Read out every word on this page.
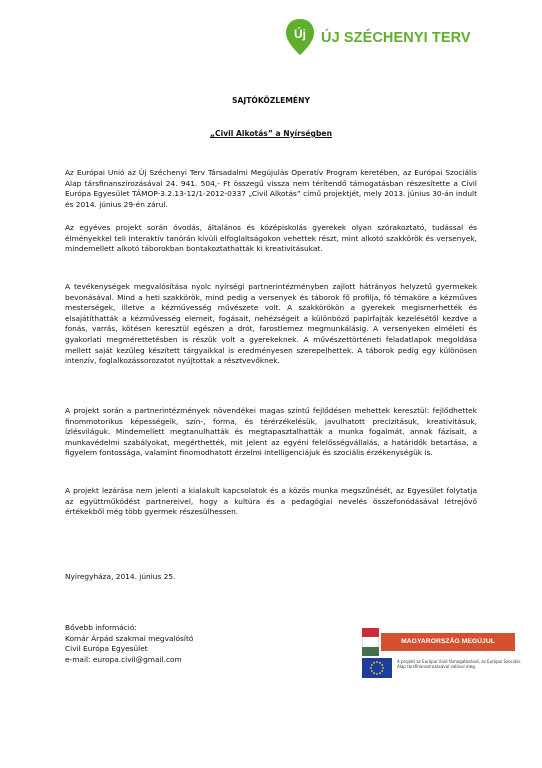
Új ÚJ SZÉCHENYI TERV
SAJTÓKÖZLEMÉNY
„Civil Alkotás” a Nyírségben

Az Európai Unió az Új Széchenyi Terv Társadalmi Megújulás Operatív Program keretében, az Európai Szociális Alap társfinanszírozásával 24. 941. 504,- Ft összegű vissza nem térítendő támogatásban részesítette a Civil Európa Egyesület TÁMOP-3.2.13-12/1-2012-0337 „Civil Alkotás” című projektjét, mely 2013. június 30-án indult és 2014. június 29-én zárul.

Az egyéves projekt során óvodás, általános és középiskolás gyerekek olyan szórakoztató, tudással és élményekkel teli interaktív tanórán kívüli elfoglaltságokon vehettek részt, mint alkotó szakkörök és versenyek, mindemellett alkotó táborokban bontakoztathatták ki kreativitásukat.

A tevékenységek megvalósítása nyolc nyírségi partnerintézményben zajlott hátrányos helyzetű gyermekek bevonásával. Mind a heti szakkörök, mind pedig a versenyek és táborok fő profilja, fő témaköre a kézműves mesterségek, illetve a kézművesség művészete volt. A szakkörökön a gyerekek megismerhették és elsajátíthatták a kézművesség elemeit, fogásait, nehézségeit a különböző papírfajták kezelésétől kezdve a fonás, varrás, kötésen keresztül egészen a drót, farostlemez megmunkálásig. A versenyeken elméleti és gyakorlati megmérettetésben is részük volt a gyerekeknek. A művészettörténeti feladatlapok megoldása mellett saját kezűleg készített tárgyaikkal is eredményesen szerepelhettek. A táborok pedig egy különösen intenzív, foglalkozássorozatot nyújtottak a résztvevőknek.

A projekt során a partnerintézmények növendékei magas szintű fejlődésen mehettek keresztül: fejlődhettek finommotorikus képességeik, szín-, forma, és térérzékelésük, javulhatott precizitásuk, kreativitásuk, ízlésviláguk. Mindemellett megtanulhatták és megtapasztalhatták a munka fogalmát, annak fázisait, a munkavédelmi szabályokat, megérthették, mit jelent az egyéni felelősségvállalás, a határidők betartása, a figyelem fontossága, valamint finomodhatott érzelmi intelligenciájuk és szociális érzékenységük is.

A projekt lezárása nem jelenti a kialakult kapcsolatok és a közös munka megszűnését, az Egyesület folytatja az együttműködést partnereivel, hogy a kultúra és a pedagógiai nevelés összefonódásával létrejövő értékekből még több gyermek részesülhessen.

Nyíregyháza, 2014. június 25.
Bővebb információ:
Komár Árpád szakmai megvalósító
Civil Európa Egyesület
e-mail: europa.civil@gmail.com
MAGYARORSZÁG MEGÚJUL
A projekt az Európai Unió támogatásával, az Európai Szociális Alap társfinanszírozásával valósul meg.
